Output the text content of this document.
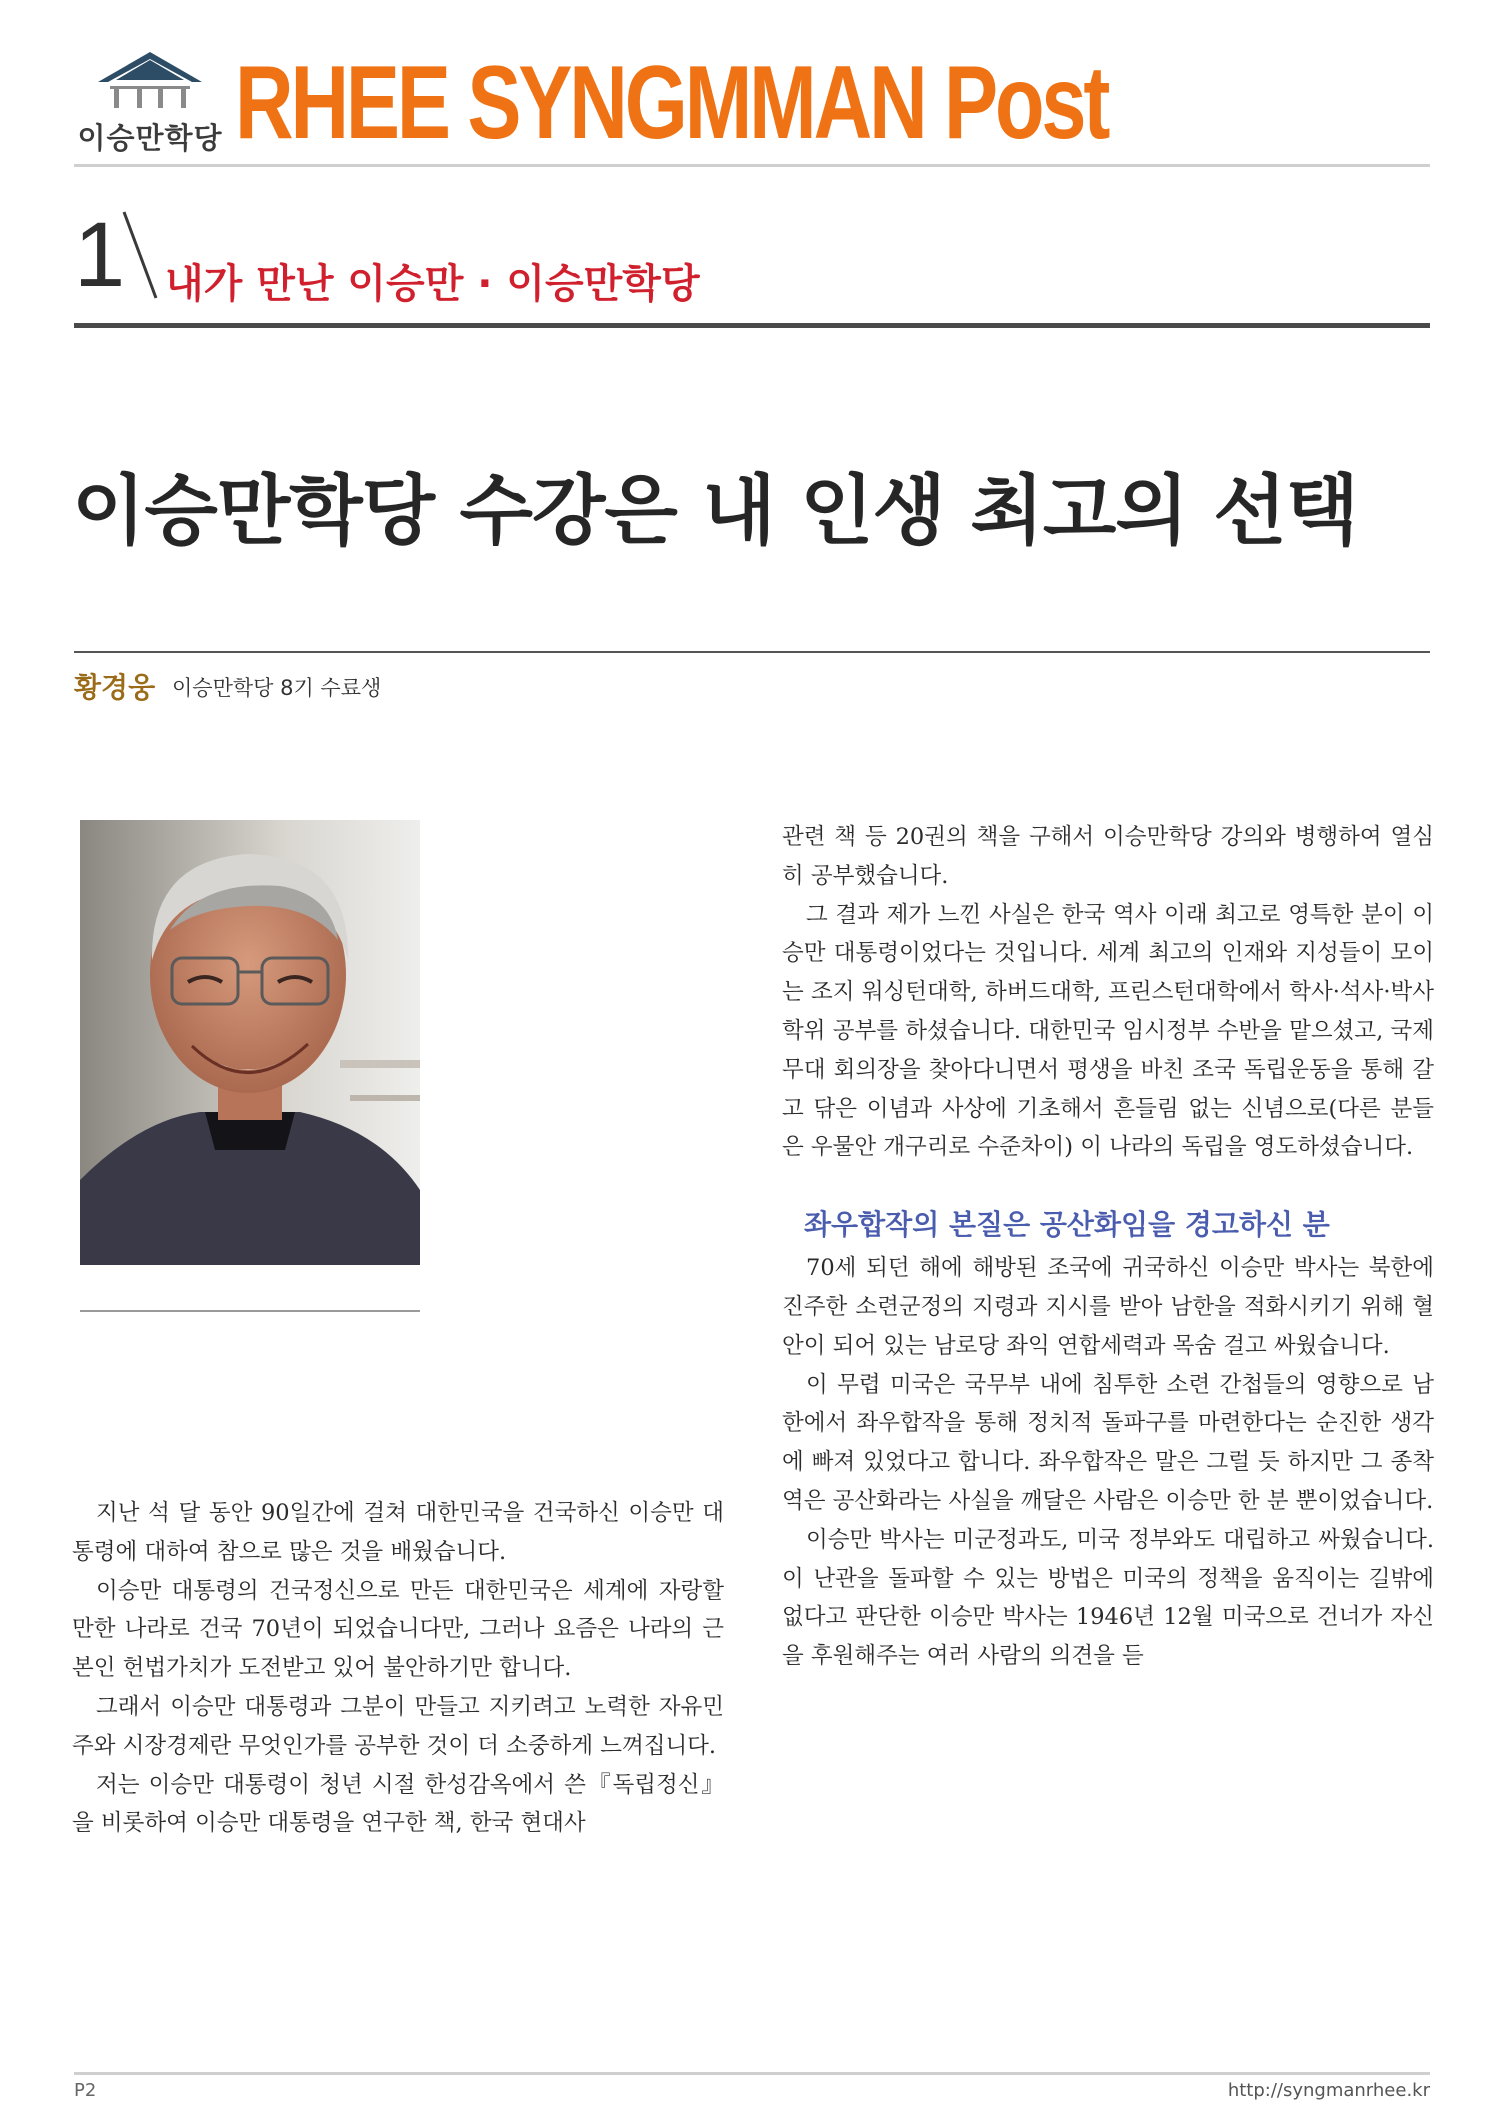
이승만학당 RHEE SYNGMMAN Post
1 내가 만난 이승만 · 이승만학당
이승만학당 수강은 내 인생 최고의 선택
황경웅 이승만학당 8기 수료생

지난 석 달 동안 90일간에 걸쳐 대한민국을 건국하신 이승만 대통령에 대하여 참으로 많은 것을 배웠습니다.

이승만 대통령의 건국정신으로 만든 대한민국은 세계에 자랑할 만한 나라로 건국 70년이 되었습니다만, 그러나 요즘은 나라의 근본인 헌법가치가 도전받고 있어 불안하기만 합니다.

그래서 이승만 대통령과 그분이 만들고 지키려고 노력한 자유민주와 시장경제란 무엇인가를 공부한 것이 더 소중하게 느껴집니다.

저는 이승만 대통령이 청년 시절 한성감옥에서 쓴『독립정신』을 비롯하여 이승만 대통령을 연구한 책, 한국 현대사

관련 책 등 20권의 책을 구해서 이승만학당 강의와 병행하여 열심히 공부했습니다.

그 결과 제가 느낀 사실은 한국 역사 이래 최고로 영특한 분이 이승만 대통령이었다는 것입니다. 세계 최고의 인재와 지성들이 모이는 조지 워싱턴대학, 하버드대학, 프린스턴대학에서 학사·석사·박사학위 공부를 하셨습니다. 대한민국 임시정부 수반을 맡으셨고, 국제무대 회의장을 찾아다니면서 평생을 바친 조국 독립운동을 통해 갈고 닦은 이념과 사상에 기초해서 흔들림 없는 신념으로(다른 분들은 우물안 개구리로 수준차이) 이 나라의 독립을 영도하셨습니다.

좌우합작의 본질은 공산화임을 경고하신 분

70세 되던 해에 해방된 조국에 귀국하신 이승만 박사는 북한에 진주한 소련군정의 지령과 지시를 받아 남한을 적화시키기 위해 혈안이 되어 있는 남로당 좌익 연합세력과 목숨 걸고 싸웠습니다.

이 무렵 미국은 국무부 내에 침투한 소련 간첩들의 영향으로 남한에서 좌우합작을 통해 정치적 돌파구를 마련한다는 순진한 생각에 빠져 있었다고 합니다. 좌우합작은 말은 그럴 듯 하지만 그 종착역은 공산화라는 사실을 깨달은 사람은 이승만 한 분 뿐이었습니다.

이승만 박사는 미군정과도, 미국 정부와도 대립하고 싸웠습니다. 이 난관을 돌파할 수 있는 방법은 미국의 정책을 움직이는 길밖에 없다고 판단한 이승만 박사는 1946년 12월 미국으로 건너가 자신을 후원해주는 여러 사람의 의견을 듣

P2	http://syngmanrhee.kr
